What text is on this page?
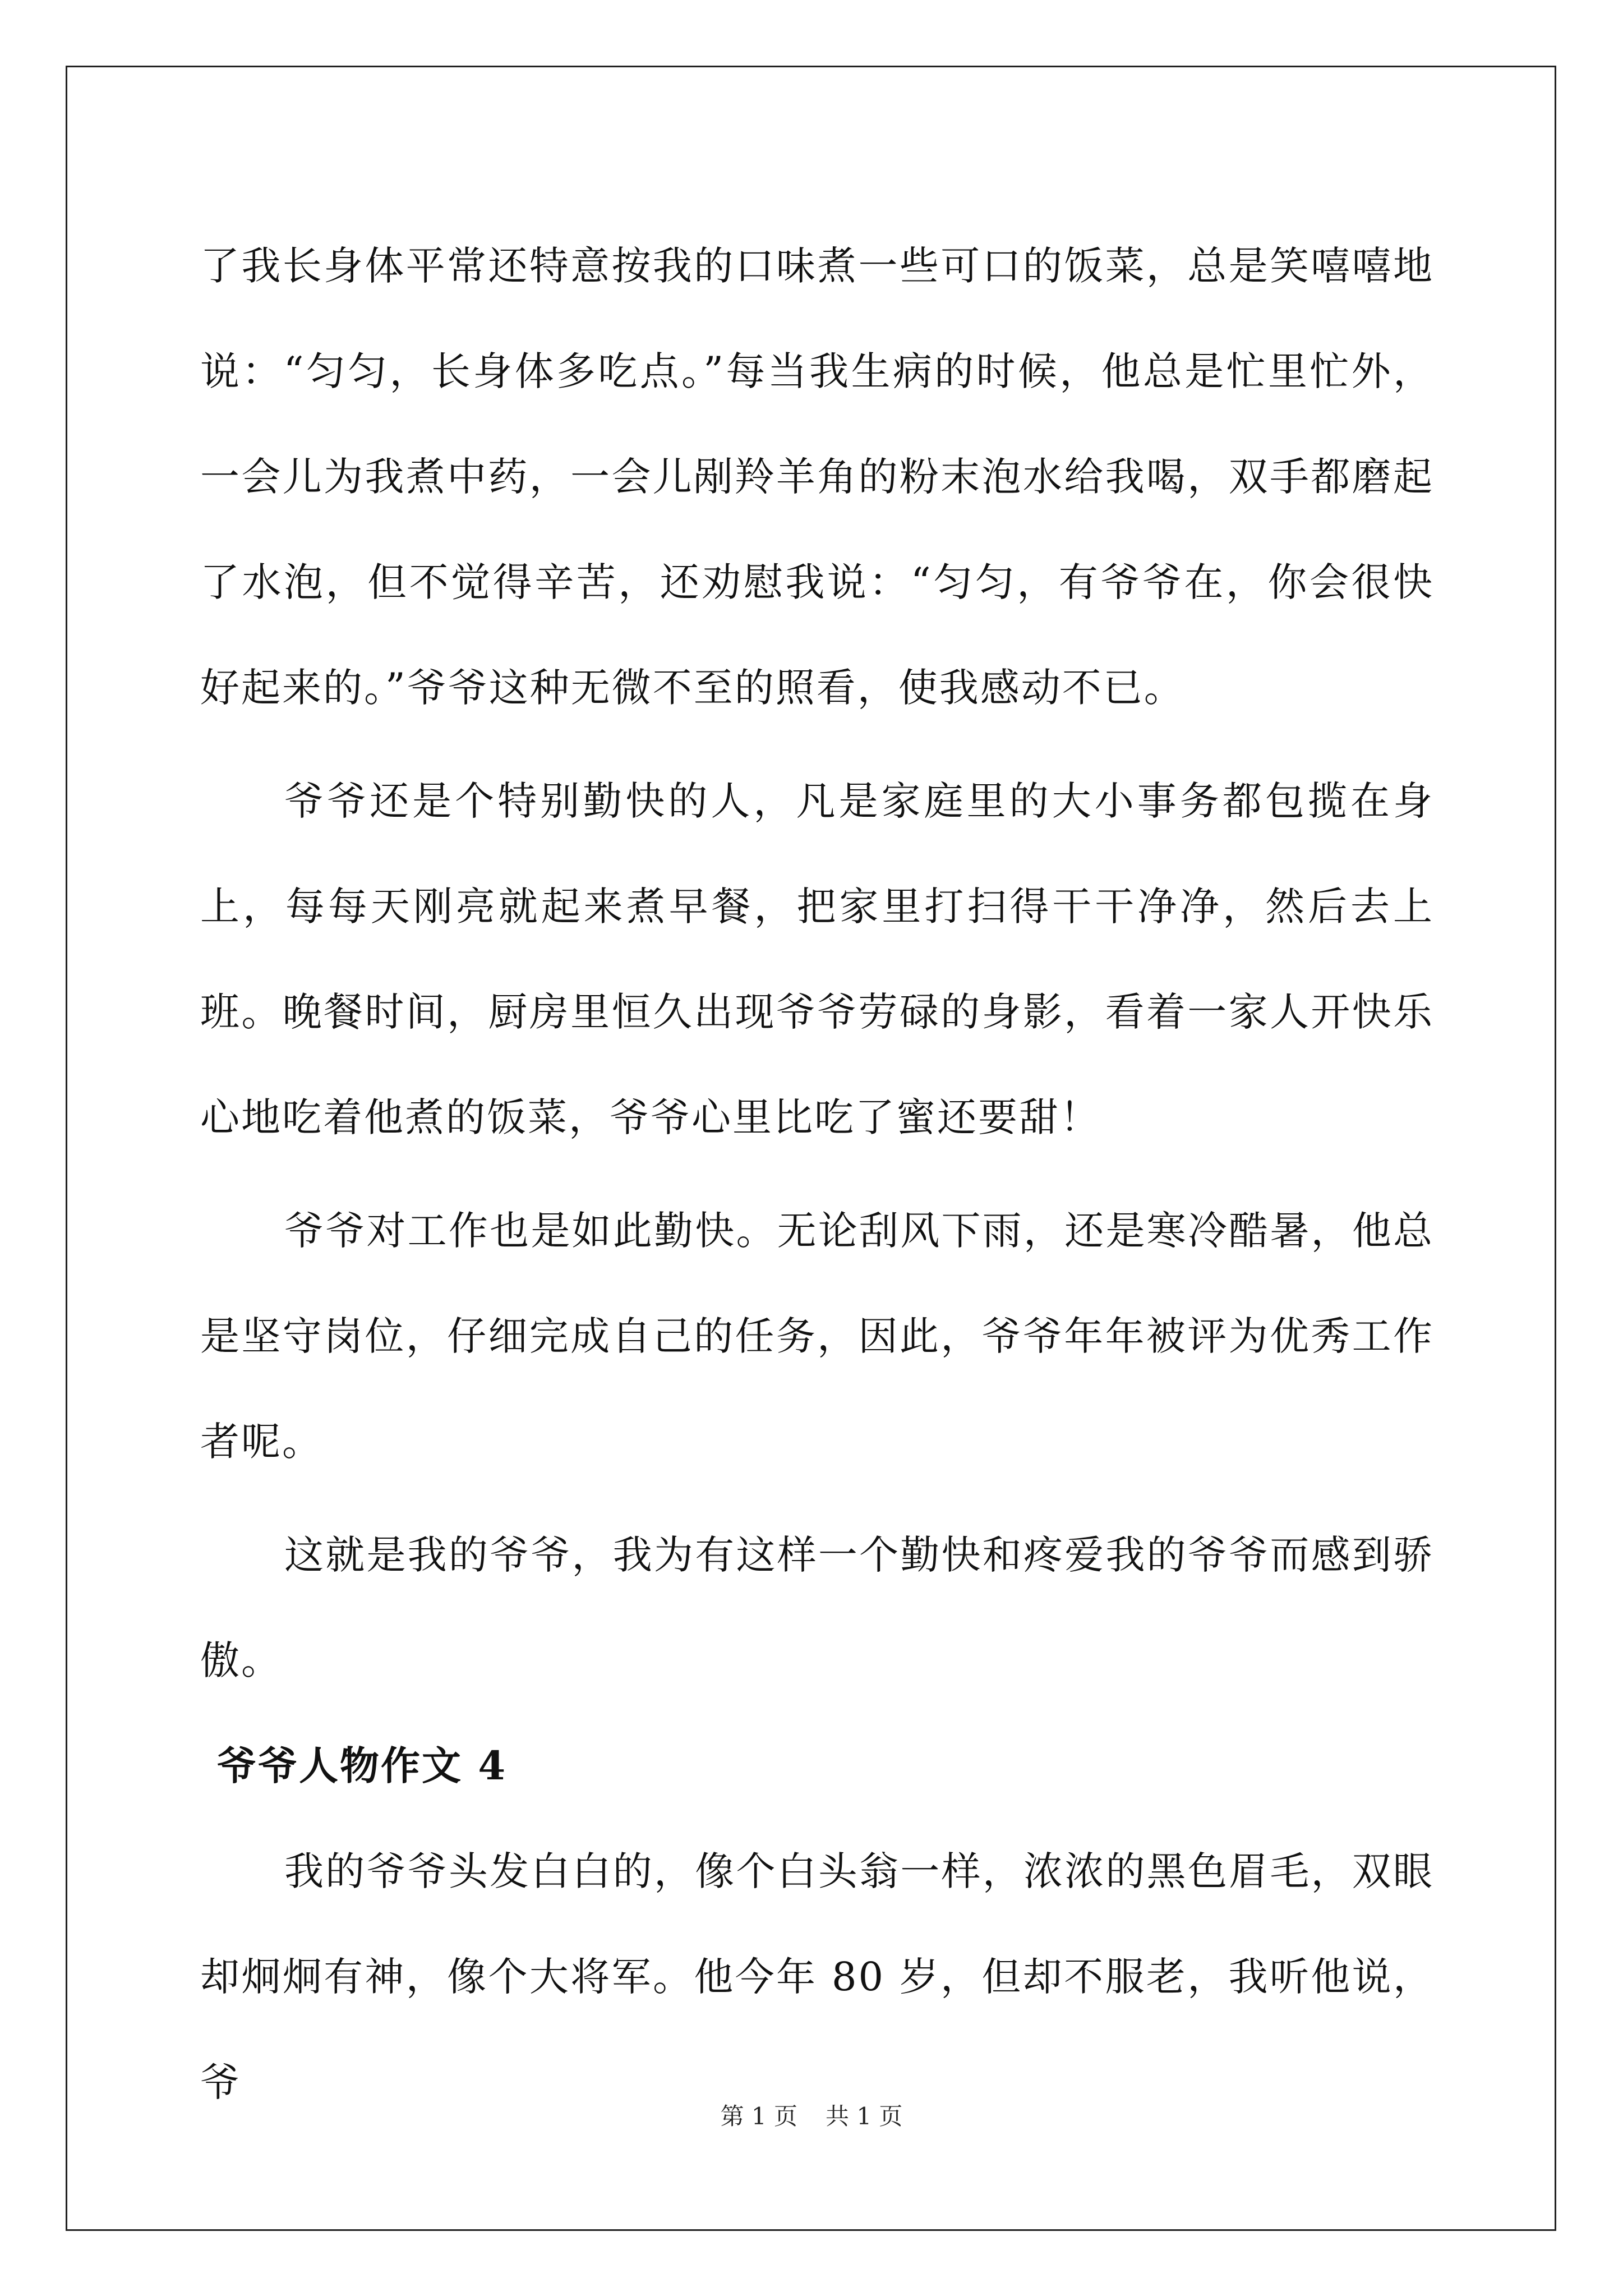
了我长身体平常还特意按我的口味煮一些可口的饭菜，总是笑嘻嘻地说：“匀匀，长身体多吃点。”每当我生病的时候，他总是忙里忙外，一会儿为我煮中药，一会儿剐羚羊角的粉末泡水给我喝，双手都磨起了水泡，但不觉得辛苦，还劝慰我说：“匀匀，有爷爷在，你会很快好起来的。”爷爷这种无微不至的照看，使我感动不已。

爷爷还是个特别勤快的人，凡是家庭里的大小事务都包揽在身上，每每天刚亮就起来煮早餐，把家里打扫得干干净净，然后去上班。晚餐时间，厨房里恒久出现爷爷劳碌的身影，看着一家人开快乐心地吃着他煮的饭菜，爷爷心里比吃了蜜还要甜！

爷爷对工作也是如此勤快。无论刮风下雨，还是寒冷酷暑，他总是坚守岗位，仔细完成自己的任务，因此，爷爷年年被评为优秀工作者呢。

这就是我的爷爷，我为有这样一个勤快和疼爱我的爷爷而感到骄傲。

爷爷人物作文 4

我的爷爷头发白白的，像个白头翁一样，浓浓的黑色眉毛，双眼却炯炯有神，像个大将军。他今年 80 岁，但却不服老，我听他说，爷

第 1 页 共 1 页
